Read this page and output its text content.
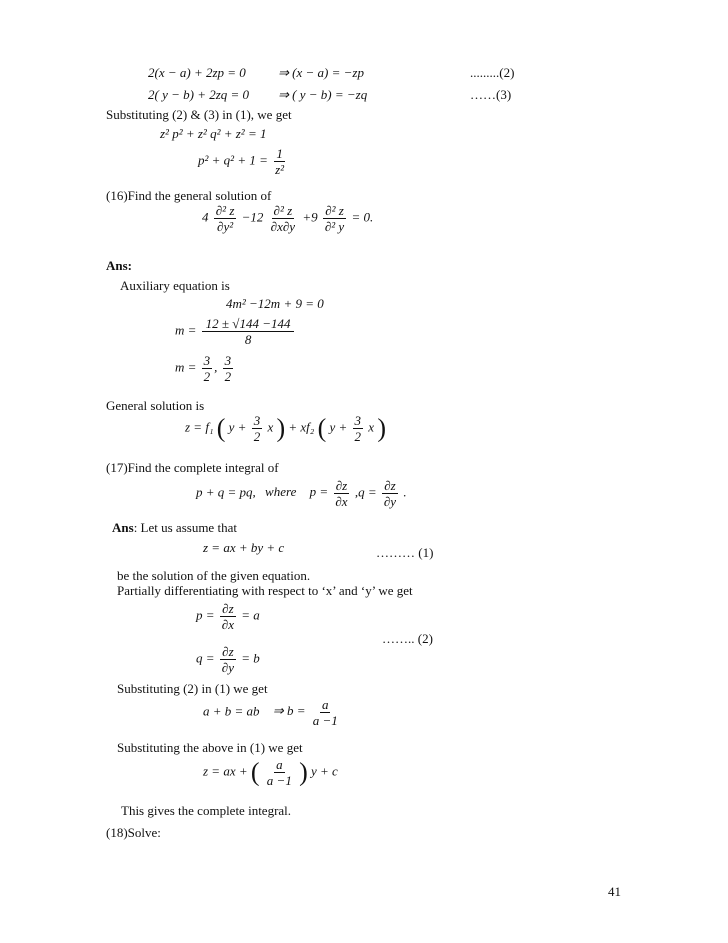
2(x − a) + 2zp = 0 ⇒ (x − a) = −zp	.........(2)
2( y − b) + 2zq = 0 ⇒ ( y − b) = −zq	……(3)
Substituting (2) & (3) in (1), we get
z² p² + z² q² + z² = 1
$p^2 + q^2 + 1 = \frac{1}{\text{z²}}$
(16)Find the general solution of
$4 \frac{\text{∂² z}}{\text{∂y²}} -12 \frac{\text{∂² z}}{\partial x\partial y} +9 \frac{\text{∂² z}}{\text{∂² y}} = 0$.
Ans:
Auxiliary equation is
4m² −12m + 9 = 0
$m = \frac{12 \pm √144 -144}{8}$
$m = \frac{3}{2}$ , $\frac{3}{2}$
General solution is
z = f₁ ( $y + \frac{3}{2}$ x ) + xf₂ ( $y + \frac{3}{2}$ x )
(17)Find the complete integral of
p + q = pq, where $p = \frac{\partial z}{\partial x} ,q = \frac{\partial z}{\partial y}$ .
Ans: Let us assume that
z = ax + by + c	……… (1)
be the solution of the given equation.
Partially differentiating with respect to ‘x’ and ‘y’ we get
$p = \frac{\partial z}{\partial x} = a$
…….. (2)
$q = \frac{\partial z}{\partial y} = b$
Substituting (2) in (1) we get
a + b = ab ⇒ $b = \frac{a}{a -1}$
Substituting the above in (1) we get
z = ax + ( $\frac{a}{a -1}$ ) y + c
This gives the complete integral.
(18)Solve:
41
